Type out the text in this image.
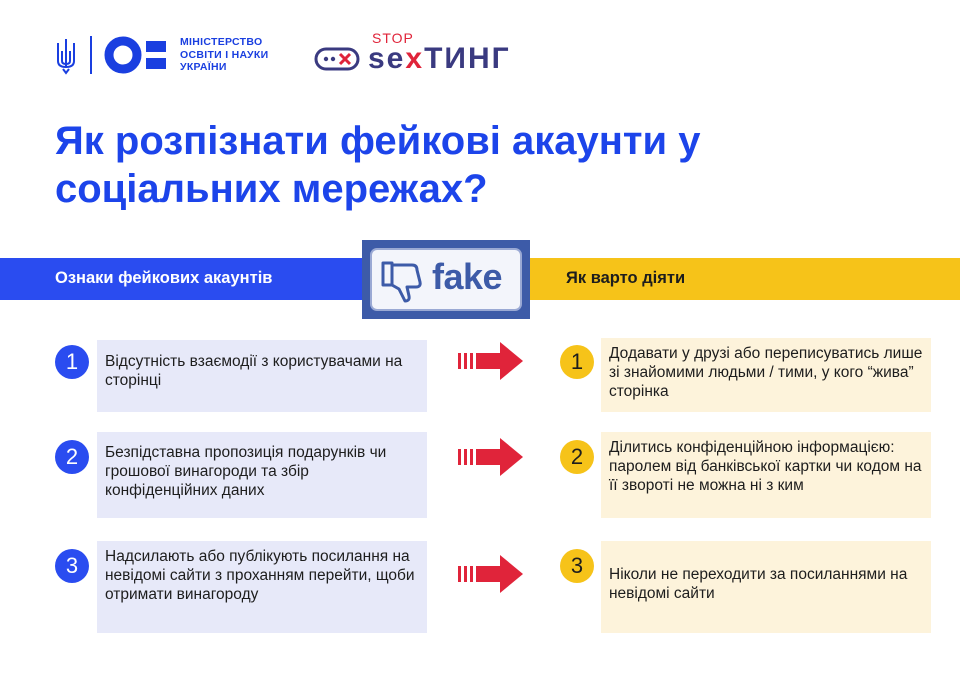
МІНІСТЕРСТВО
ОСВІТИ І НАУКИ
УКРАЇНИ
STOP
sexТИНГ
Як розпізнати фейкові акаунти у
соціальних мережах?
Ознаки фейкових акаунтів	Як варто діяти
fake
1	Відсутність взаємодії з користувачами на сторінці
1	Додавати у друзі або переписуватись лише зі знайомими людьми / тими, у кого “жива” сторінка
2	Безпідставна пропозиція подарунків чи грошової винагороди та збір конфіденційних даних
2	Ділитись конфіденційною інформацією: паролем від банківської картки чи кодом на її звороті не можна ні з ким
3	Надсилають або публікують посилання на невідомі сайти з проханням перейти, щоби отримати винагороду
3	Ніколи не переходити за посиланнями на невідомі сайти
